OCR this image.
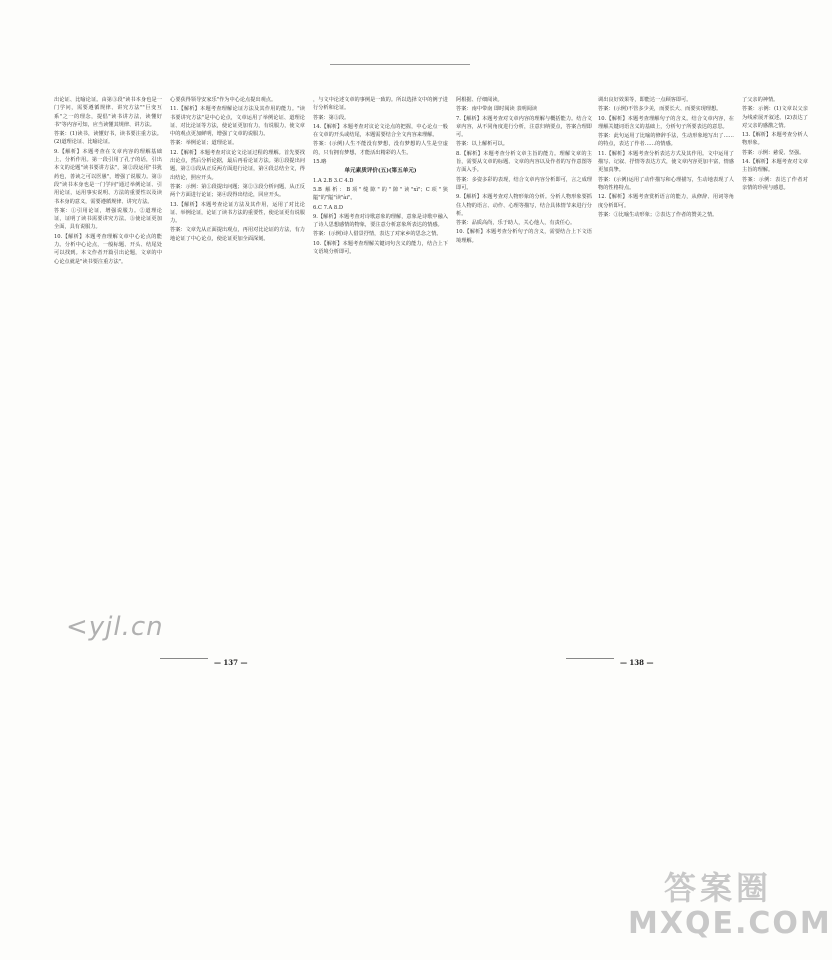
出论证、比喻论证。由第③段"读书本身也是一门学问，需要遵循规律、讲究方法""巨变互系"之一的理念，提倡"读书讲方法，读懂好书"等内容可知，应当读懂其规律、讲方法。

答案：(1)读书，读懂好书，读书要注重方法。(2)道理论证、比喻论证。

9.【解析】本题考查在文章内容的理解基础上，分析作用。第一段引用了孔子的话，引出本文的论题"读书要讲方法"，第②段运用"书犹药也，善读之可以医愚"，增强了说服力。第③段"读书本身也是一门学问"通过举例论证、引用论证，运用事实说明、方法的重要性以及读书本身的意义，需要遵循规律、讲究方法。

答案：①引用论证，增强说服力。②道理论证，证明了读书需要讲究方法。③使论证更加全面，具有说服力。

10.【解析】本题考查理解文章中心论点的能力。分析中心论点，一般标题、开头、结尾处可以找到。本文作者开篇引出论题，文章的中心论点就是"读书要注重方法"。

心要获得领导安家乐"作为中心论点提出观点。

11.【解析】本题考查理解论证方法及其作用的能力。"读书要讲究方法"是中心论点，文章运用了举例论证、道理论证、对比论证等方法，使论证更加有力，有说服力，使文章中的观点更加鲜明，增强了文章的说服力。

答案：举例论证；道理论证。

12.【解析】本题考查对议论文论证过程的理解。首先要找出论点，然后分析论据，最后再看论证方法。第①段提出问题，第②③段从正反两方面进行论证，第④段总结全文，得出结论，照应开头。

答案：示例：第①段提出问题；第②③段分析问题，从正反两个方面进行论证；第④段得出结论，回应开头。

13.【解析】本题考查论证方法及其作用，运用了对比论证、举例论证，论证了读书方法的重要性，使论证更有说服力。

答案：文章先从正面提出观点，再用对比论证的方法，有力地论证了中心论点，使论证更加全面深刻。

，与文中论述文章的事例是一致的。所以选择文中的例子进行分析和论证。

答案：第③段。

14.【解析】本题考查对议论文论点的把握，中心论点一般在文章的开头或结尾，本题需要结合全文内容来理解。

答案：(示例)人生不能没有梦想，没有梦想的人生是空虚的，只有拥有梦想，才能活出精彩的人生。

15.略

单元素质评价(五)(第五单元)

1.A 2.B 3.C 4.D

5.B 解析：B项"缝隙"的"隙"读"xì"；C项"狭隘"的"隘"读"ài"。

6.C 7.A 8.D

9.【解析】本题考查对诗歌意象的理解，意象是诗歌中融入了诗人思想感情的物象，要注意分析意象所表达的情感。

答案：(示例)诗人借景抒情，表达了对家乡的思念之情。

10.【解析】本题考查理解关键词句含义的能力，结合上下文语境分析即可。

阿根据、仔细阅读。

答案：南中带南 即时阅读 表明阅读

7.【解析】本题考查对文章内容的理解与概括能力。结合文章内容，从不同角度进行分析，注意归纳要点，答案合理即可。

答案：以上解析可以。

8.【解析】本题考查分析文章主旨的能力。理解文章的主旨，需要从文章的标题、文章的内容以及作者的写作意图等方面入手。

答案：多姿多彩的表现，结合文章内容分析即可，言之成理即可。

9.【解析】本题考查对人物形象的分析。分析人物形象要抓住人物的语言、动作、心理等描写，结合具体情节来进行分析。

答案：品质高尚，乐于助人，关心他人，有责任心。

10.【解析】本题考查分析句子的含义，需要结合上下文语境理解。

调出良好效果等，即能达一点顾客即可。

答案：(示例)不管多少美，而要长大、而要实现理想。

10.【解析】本题考查理解句子的含义。结合文章内容，在理解关键词语含义的基础上，分析句子所要表达的意思。

答案：此句运用了比喻的修辞手法，生动形象地写出了……的特点，表达了作者……的情感。

11.【解析】本题考查分析表达方式及其作用。文中运用了描写、记叙、抒情等表达方式，使文章内容更加丰富，情感更加真挚。

答案：(示例)运用了动作描写和心理描写，生动地表现了人物的性格特点。

12.【解析】本题考查赏析语言的能力，从修辞、用词等角度分析即可。

答案：①比喻生动形象；②表达了作者的赞美之情。

了父亲的神情。

答案：示例：(1)文章以父亲为线索展开叙述。(2)表达了对父亲的感激之情。

13.【解析】本题考查分析人物形象。

答案：示例：慈爱、坚强。

14.【解析】本题考查对文章主旨的理解。

答案：示例：表达了作者对亲情的珍视与感恩。

— 137 —	— 138 —
<yjl.cn
答案圈
MXQE.COM
